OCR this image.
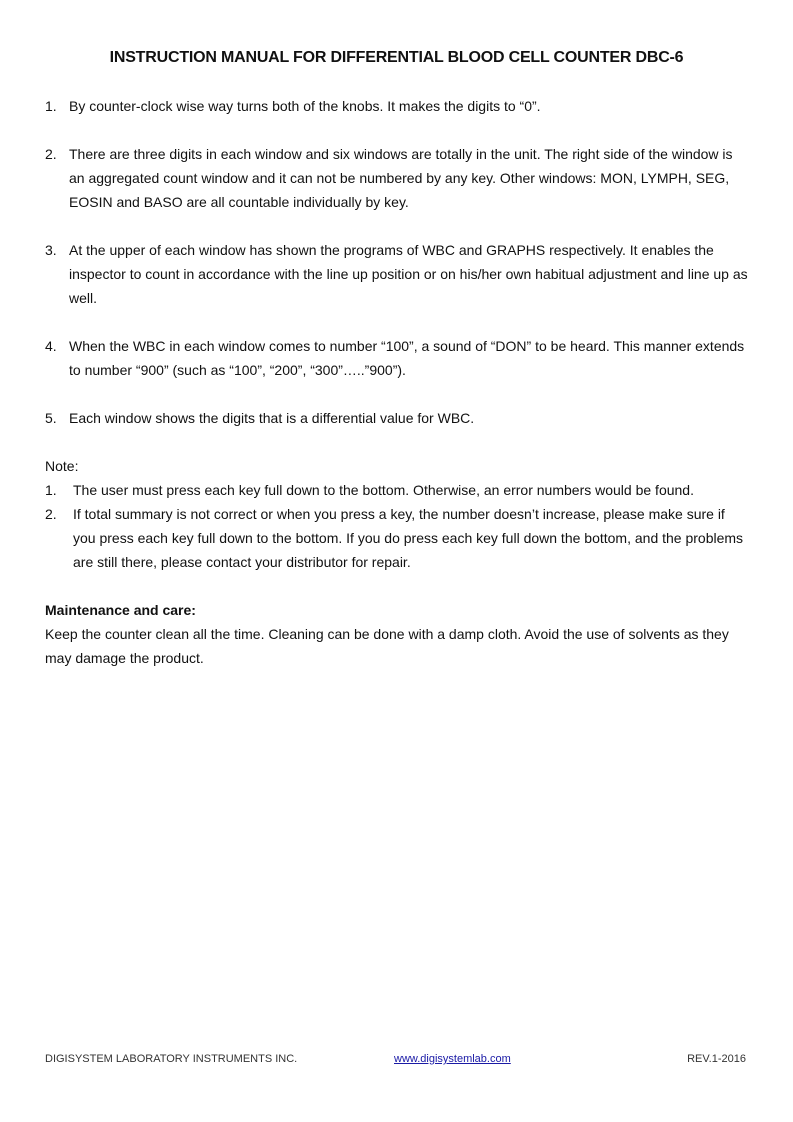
INSTRUCTION MANUAL FOR DIFFERENTIAL BLOOD CELL COUNTER DBC-6
1. By counter-clock wise way turns both of the knobs. It makes the digits to “0”.
2. There are three digits in each window and six windows are totally in the unit. The right side of the window is an aggregated count window and it can not be numbered by any key. Other windows: MON, LYMPH, SEG, EOSIN and BASO are all countable individually by key.
3. At the upper of each window has shown the programs of WBC and GRAPHS respectively. It enables the inspector to count in accordance with the line up position or on his/her own habitual adjustment and line up as well.
4. When the WBC in each window comes to number “100”, a sound of “DON” to be heard. This manner extends to number “900” (such as “100”, “200”, “300”…..”900”).
5. Each window shows the digits that is a differential value for WBC.

Note:

1. The user must press each key full down to the bottom. Otherwise, an error numbers would be found.
2. If total summary is not correct or when you press a key, the number doesn’t increase, please make sure if you press each key full down to the bottom. If you do press each key full down the bottom, and the problems are still there, please contact your distributor for repair.

Maintenance and care:

Keep the counter clean all the time. Cleaning can be done with a damp cloth. Avoid the use of solvents as they may damage the product.

DIGISYSTEM LABORATORY INSTRUMENTS INC.	www.digisystemlab.com	REV.1-2016
